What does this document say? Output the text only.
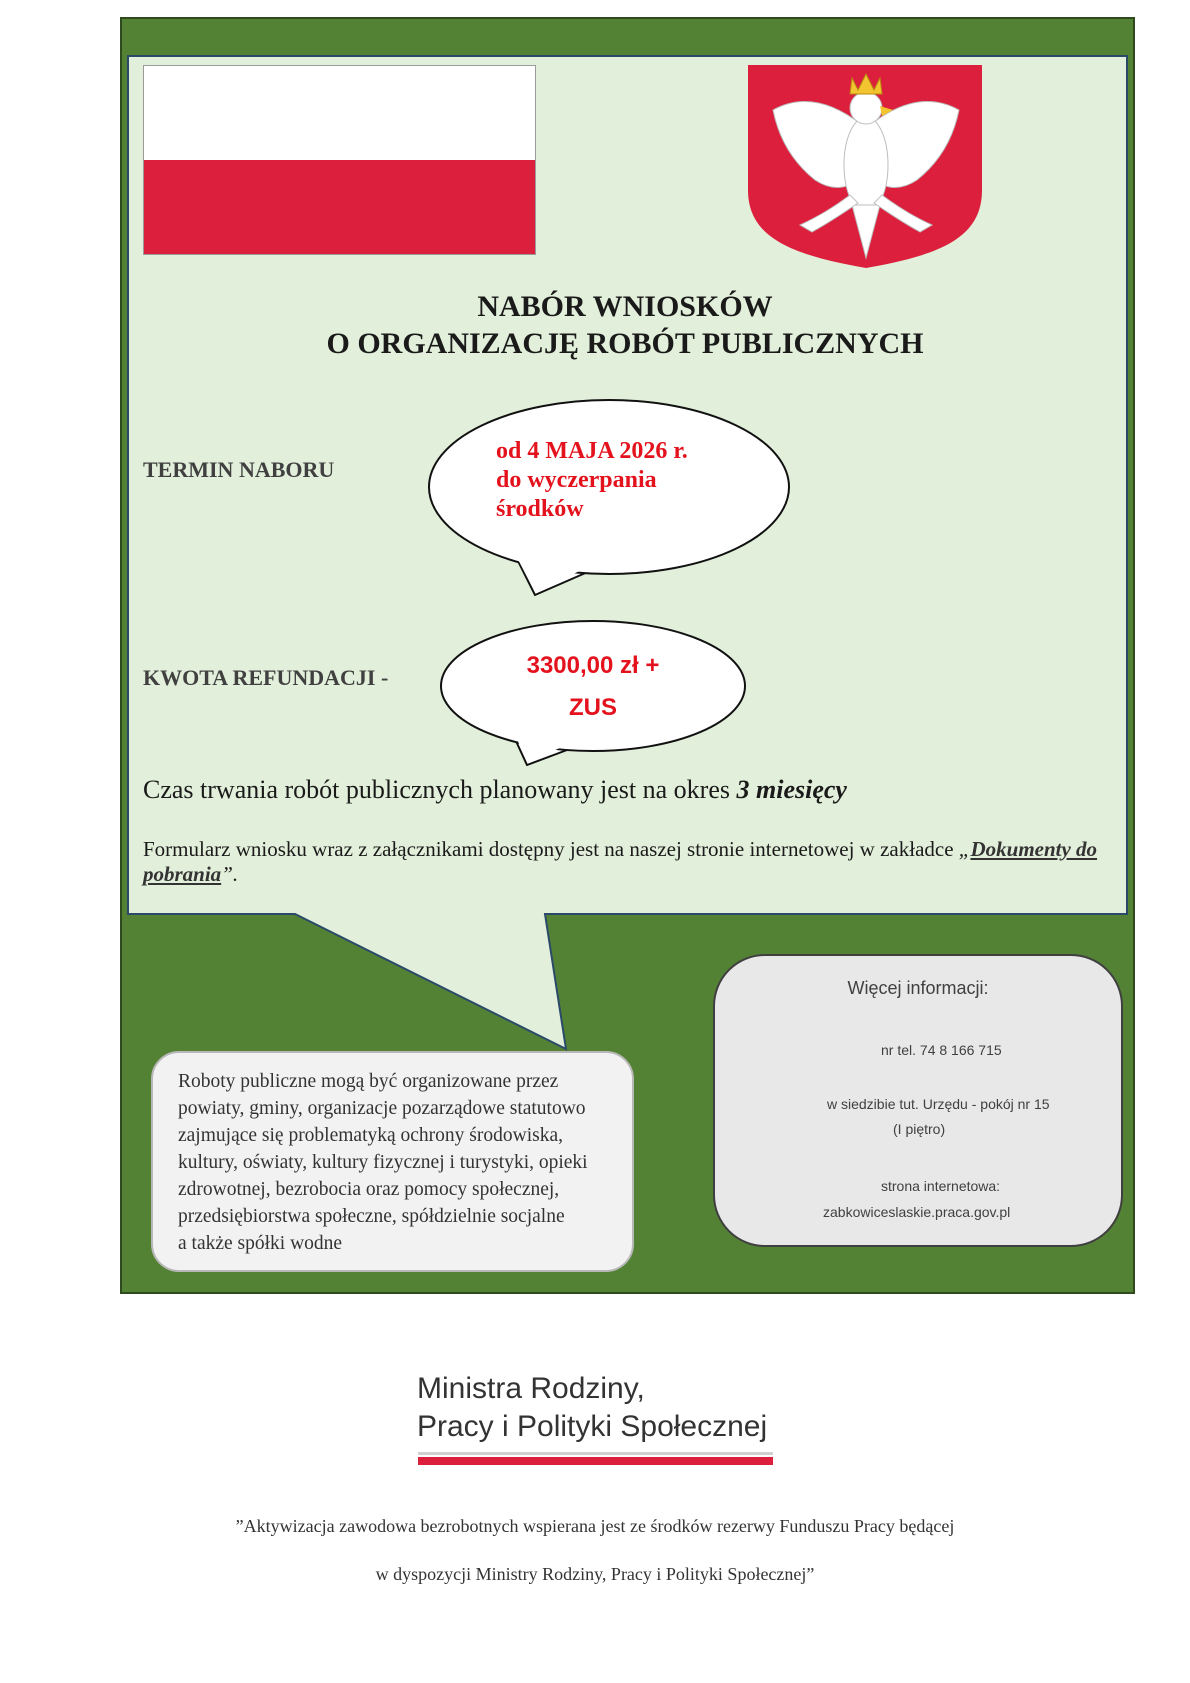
NABÓR WNIOSKÓW
O ORGANIZACJĘ ROBÓT PUBLICZNYCH
TERMIN NABORU
od 4 MAJA 2026 r.
do wyczerpania
środków
KWOTA REFUNDACJI -	3300,00 zł +
ZUS
Czas trwania robót publicznych planowany jest na okres 3 miesięcy
Formularz wniosku wraz z załącznikami dostępny jest na naszej stronie internetowej w zakładce „Dokumenty do pobrania”.
Roboty publiczne mogą być organizowane przez
powiaty, gminy, organizacje pozarządowe statutowo
zajmujące się problematyką ochrony środowiska,
kultury, oświaty, kultury fizycznej i turystyki, opieki
zdrowotnej, bezrobocia oraz pomocy społecznej,
przedsiębiorstwa społeczne, spółdzielnie socjalne
a także spółki wodne
Więcej informacji:
nr tel. 74 8 166 715
w siedzibie tut. Urzędu - pokój nr 15
(I piętro)
strona internetowa:
zabkowiceslaskie.praca.gov.pl
Ministra Rodziny,
Pracy i Polityki Społecznej
”Aktywizacja zawodowa bezrobotnych wspierana jest ze środków rezerwy Funduszu Pracy będącej
w dyspozycji Ministry Rodziny, Pracy i Polityki Społecznej”
